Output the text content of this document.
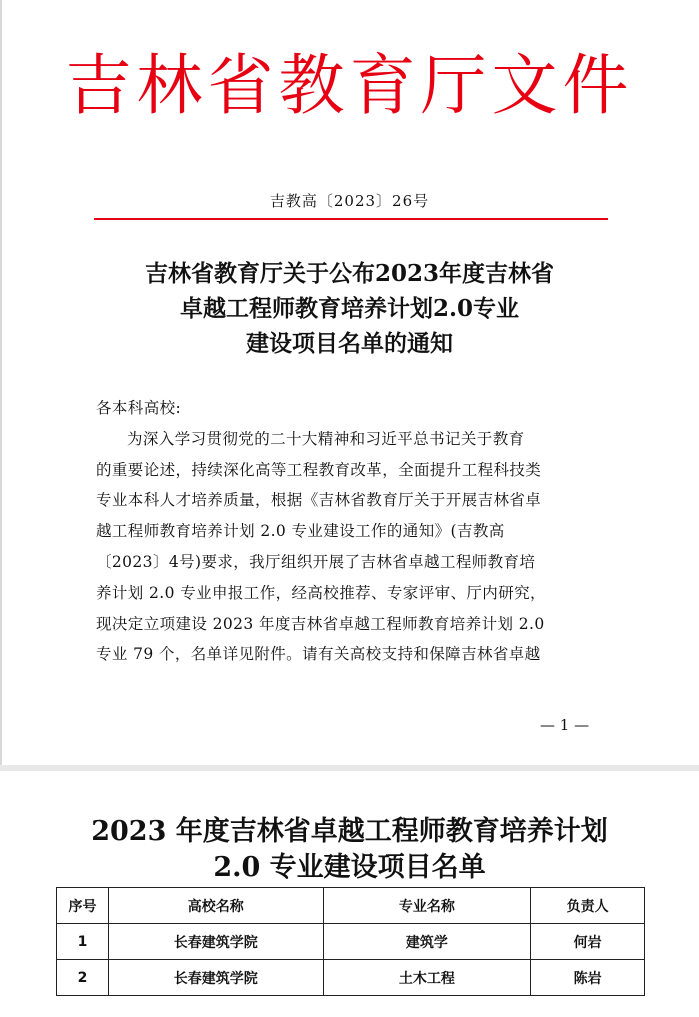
吉林省教育厅文件
吉教高〔2023〕26号
吉林省教育厅关于公布2023年度吉林省
卓越工程师教育培养计划2.0专业
建设项目名单的通知

各本科高校:

为深入学习贯彻党的二十大精神和习近平总书记关于教育
的重要论述，持续深化高等工程教育改革，全面提升工程科技类
专业本科人才培养质量，根据《吉林省教育厅关于开展吉林省卓
越工程师教育培养计划 2.0 专业建设工作的通知》(吉教高
〔2023〕4号)要求，我厅组织开展了吉林省卓越工程师教育培
养计划 2.0 专业申报工作，经高校推荐、专家评审、厅内研究，
现决定立项建设 2023 年度吉林省卓越工程师教育培养计划 2.0
专业 79 个，名单详见附件。请有关高校支持和保障吉林省卓越

— 1 —
2023 年度吉林省卓越工程师教育培养计划
2.0 专业建设项目名单
序号	高校名称	专业名称	负责人
1	长春建筑学院	建筑学	何岩
2	长春建筑学院	土木工程	陈岩
